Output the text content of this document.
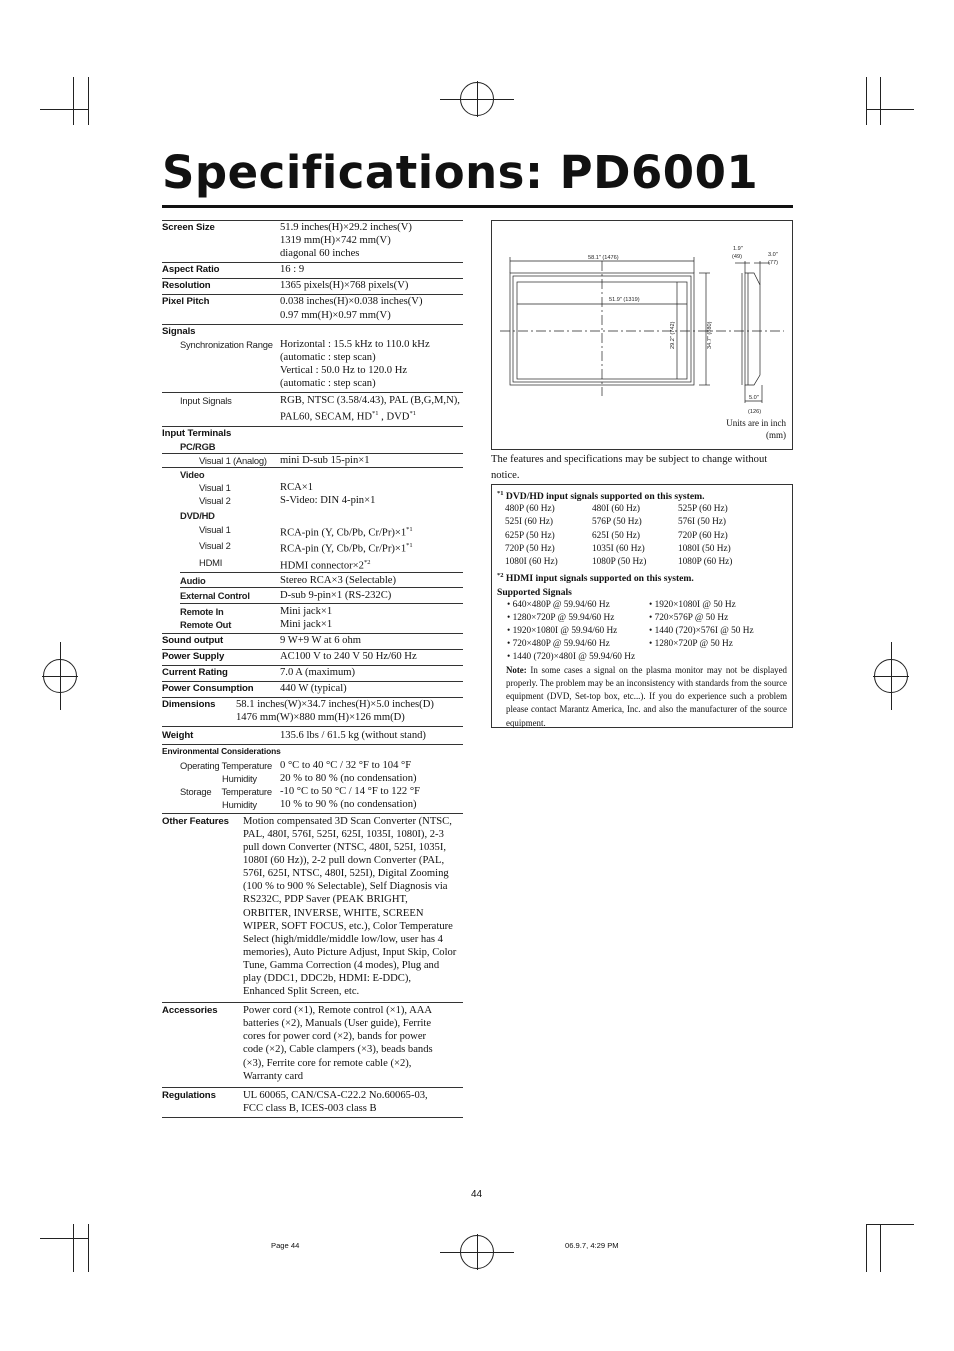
Specifications: PD6001
Screen Size	51.9 inches(H)×29.2 inches(V)
1319 mm(H)×742 mm(V)
diagonal 60 inches
Aspect Ratio	16 : 9
Resolution	1365 pixels(H)×768 pixels(V)
Pixel Pitch	0.038 inches(H)×0.038 inches(V)
0.97 mm(H)×0.97 mm(V)
Signals
Synchronization Range Horizontal : 15.5 kHz to 110.0 kHz
(automatic : step scan)
Vertical : 50.0 Hz to 120.0 Hz
(automatic : step scan)
Input Signals	RGB, NTSC (3.58/4.43), PAL (B,G,M,N),
PAL60, SECAM, HD$^{*1}$ , DVD$^{*1}$
Input Terminals
PC/RGB
Visual 1 (Analog)	mini D-sub 15-pin×1
Video
Visual 1	RCA×1
Visual 2	S-Video: DIN 4-pin×1
DVD/HD
Visual 1	RCA-pin (Y, Cb/Pb, $Cr/Pr)\times 1^{*1}$
Visual 2	RCA-pin (Y, Cb/Pb, $Cr/Pr)\times 1^{*1}$
HDMI	HDMI $connector\times 2^{*2}$
Audio	Stereo RCA×3 (Selectable)
External Control	D-sub 9-pin×1 (RS-232C)
Remote In	Mini jack×1
Remote Out	Mini jack×1
Sound output	9 W+9 W at 6 ohm
Power Supply	AC100 V to 240 V 50 Hz/60 Hz
Current Rating	7.0 A (maximum)
Power Consumption	440 W (typical)
Dimensions	58.1 inches(W)×34.7 inches(H)×5.0 inches(D)
1476 mm(W)×880 mm(H)×126 mm(D)
Weight	135.6 lbs / 61.5 kg (without stand)
Environmental Considerations
Operating Temperature 0 °C to 40 °C / 32 °F to 104 °F
Humidity	20 % to 80 % (no condensation)
Storage Temperature -10 °C to 50 °C / 14 °F to 122 °F
Humidity	10 % to 90 % (no condensation)
Other Features	Motion compensated 3D Scan Converter (NTSC,
PAL, 480I, 576I, 525I, 625I, 1035I, 1080I), 2-3
pull down Converter (NTSC, 480I, 525I, 1035I,
1080I (60 Hz)), 2-2 pull down Converter (PAL,
576I, 625I, NTSC, 480I, 525I), Digital Zooming
(100 % to 900 % Selectable), Self Diagnosis via
RS232C, PDP Saver (PEAK BRIGHT,
ORBITER, INVERSE, WHITE, SCREEN
WIPER, SOFT FOCUS, etc.), Color Temperature
Select (high/middle/middle low/low, user has 4
memories), Auto Picture Adjust, Input Skip, Color
Tune, Gamma Correction (4 modes), Plug and
play (DDC1, DDC2b, HDMI: E-DDC),
Enhanced Split Screen, etc.
Accessories	Power cord (×1), Remote control (×1), AAA
batteries (×2), Manuals (User guide), Ferrite
cores for power cord (×2), bands for power
code (×2), Cable clampers (×3), beads bands
(×3), Ferrite core for remote cable (×2),
Warranty card
Regulations	UL 60065, CAN/CSA-C22.2 No.60065-03,
FCC class B, ICES-003 class B
58.1" (1476)
51.9" (1319)
29.2" (742)	34.7" (880)
1.9"
(49)	3.0"
(77)
5.0"
(126)
Units are in inch
(mm)

The features and specifications may be subject to change without notice.

$^{*1}$ DVD/HD input signals supported on this system.
480P (60 Hz)	480I (60 Hz)	525P (60 Hz)
525I (60 Hz)	576P (50 Hz)	576I (50 Hz)
625P (50 Hz)	625I (50 Hz)	720P (60 Hz)
720P (50 Hz)	1035I (60 Hz)	1080I (50 Hz)
1080I (60 Hz)	1080P (50 Hz)	1080P (60 Hz)
$^{*2}$ HDMI input signals supported on this system.
Supported Signals
• 640×480P @ 59.94/60 Hz	• 1920×1080I @ 50 Hz
• 1280×720P @ 59.94/60 Hz	• 720×576P @ 50 Hz
• 1920×1080I @ 59.94/60 Hz	• 1440 (720)×576I @ 50 Hz
• 720×480P @ 59.94/60 Hz	• 1280×720P @ 50 Hz
• 1440 (720)×480I @ 59.94/60 Hz
Note: In some cases a signal on the plasma monitor may not be displayed properly. The problem may be an inconsistency with standards from the source equipment (DVD, Set-top box, etc...). If you do experience such a problem please contact Marantz America, Inc. and also the manufacturer of the source equipment.
44
Page 44	06.9.7, 4:29 PM
